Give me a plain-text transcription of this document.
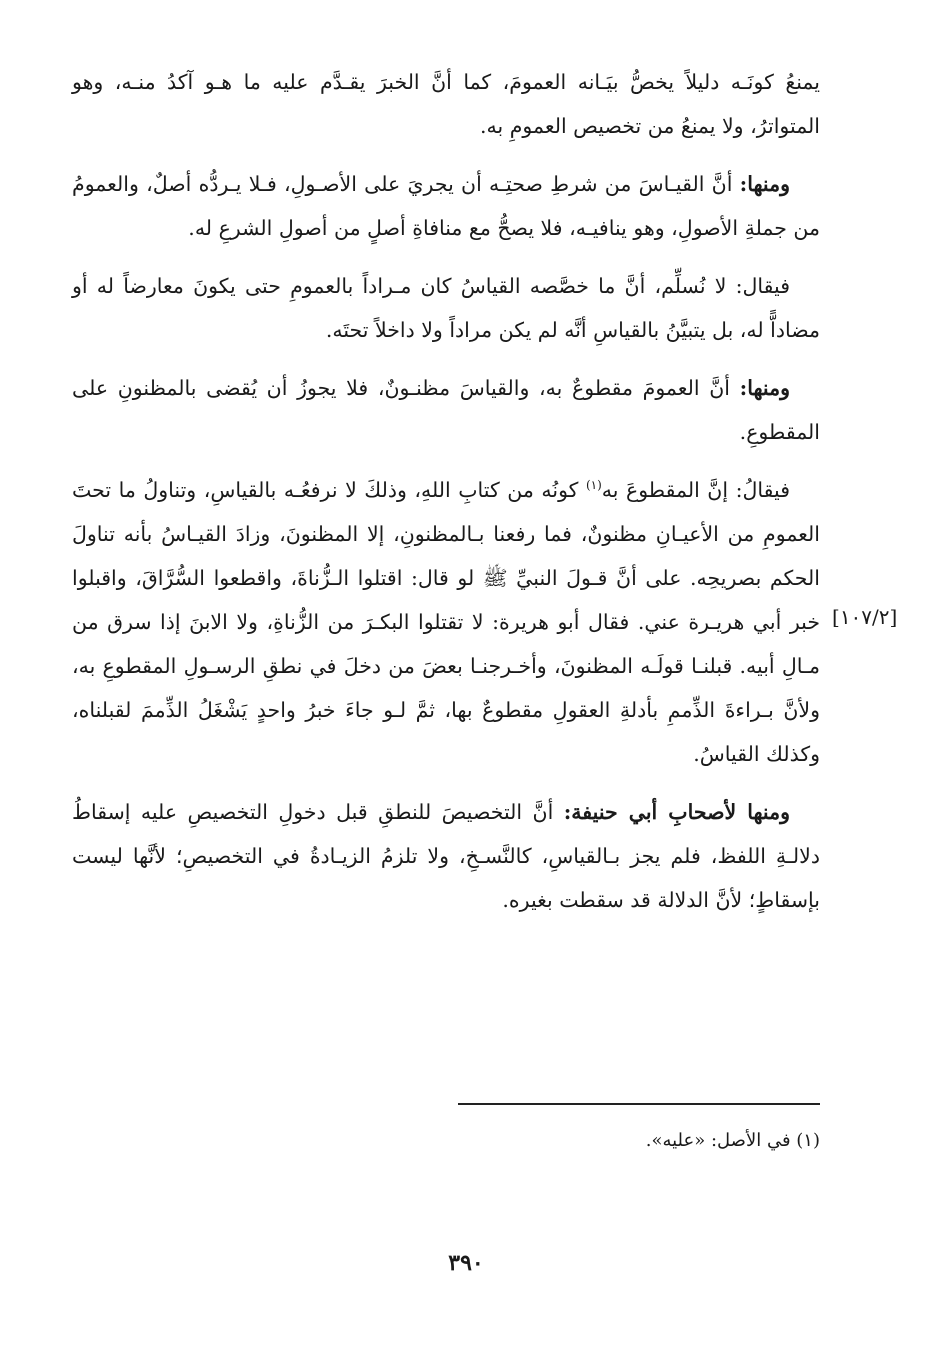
يمنعُ كونَـه دليلاً يخصُّ بيَـانه العمومَ، كما أنَّ الخبرَ يقـدَّم عليه ما هـو آكدُ منـه، وهو المتواترُ، ولا يمنعُ من تخصيص العمومِ به.

ومنها: أنَّ القيـاسَ من شرطِ صحتِـه أن يجريَ على الأصـولِ، فـلا يـردُّه أصلٌ، والعمومُ من جملةِ الأصولِ، وهو ينافيـه، فلا يصحُّ مع منافاةِ أصلٍ من أصولِ الشرعِ له.

فيقال: لا نُسلِّم، أنَّ ما خصَّصه القياسُ كان مـراداً بالعمومِ حتى يكونَ معارضاً له أو مضاداًّ له، بل يتبيَّنُ بالقياسِ أنَّه لم يكن مراداً ولا داخلاً تحتَه.

ومنها: أنَّ العمومَ مقطوعٌ به، والقياسَ مظنـونٌ، فلا يجوزُ أن يُقضى بالمظنونِ على المقطوعِ.

فيقالُ: إنَّ المقطوعَ به$^{(١)}$ كونُه من كتابِ اللهِ، وذلكَ لا نرفعُـه بالقياسِ، وتناولُ ما تحتَ العمومِ من الأعيـانِ مظنونٌ، فما رفعنا بـالمظنونِ، إلا المظنونَ، وزادَ القيـاسُ بأنه تناولَ الحكم بصريحِه. على أنَّ قـولَ النبيِّ ﷺ لو قال: اقتلوا الـزُّناةَ، واقطعوا السُّرَّاقَ، واقبلوا خبر أبي هريـرة عني. فقال أبو هريرة: لا تقتلوا البكـرَ من الزُّناةِ، ولا الابنَ إذا سرق من مـالِ أبيه. قبلنـا قولَـه المظنونَ، وأخـرجنـا بعضَ من دخلَ في نطقِ الرسـولِ المقطوعِ به، ولأنَّ بـراءةَ الذِّممِ بأدلةِ العقولِ مقطوعٌ بها، ثمَّ لـو جاءَ خبرُ واحدٍ يَشْغَلُ الذِّممَ لقبلناه، وكذلك القياسُ.

ومنها لأصحابِ أبي حنيفة: أنَّ التخصيصَ للنطقِ قبل دخولِ التخصيصِ عليه إسقاطُ دلالـةِ اللفظ، فلم يجز بـالقياسِ، كالنَّسـخِ، ولا تلزمُ الزيـادةُ في التخصيصِ؛ لأنَّها ليست بإسقاطٍ؛ لأنَّ الدلالة قد سقطت بغيره.

[١٠٧/٢]
(١) في الأصل: «عليه».
٣٩٠
